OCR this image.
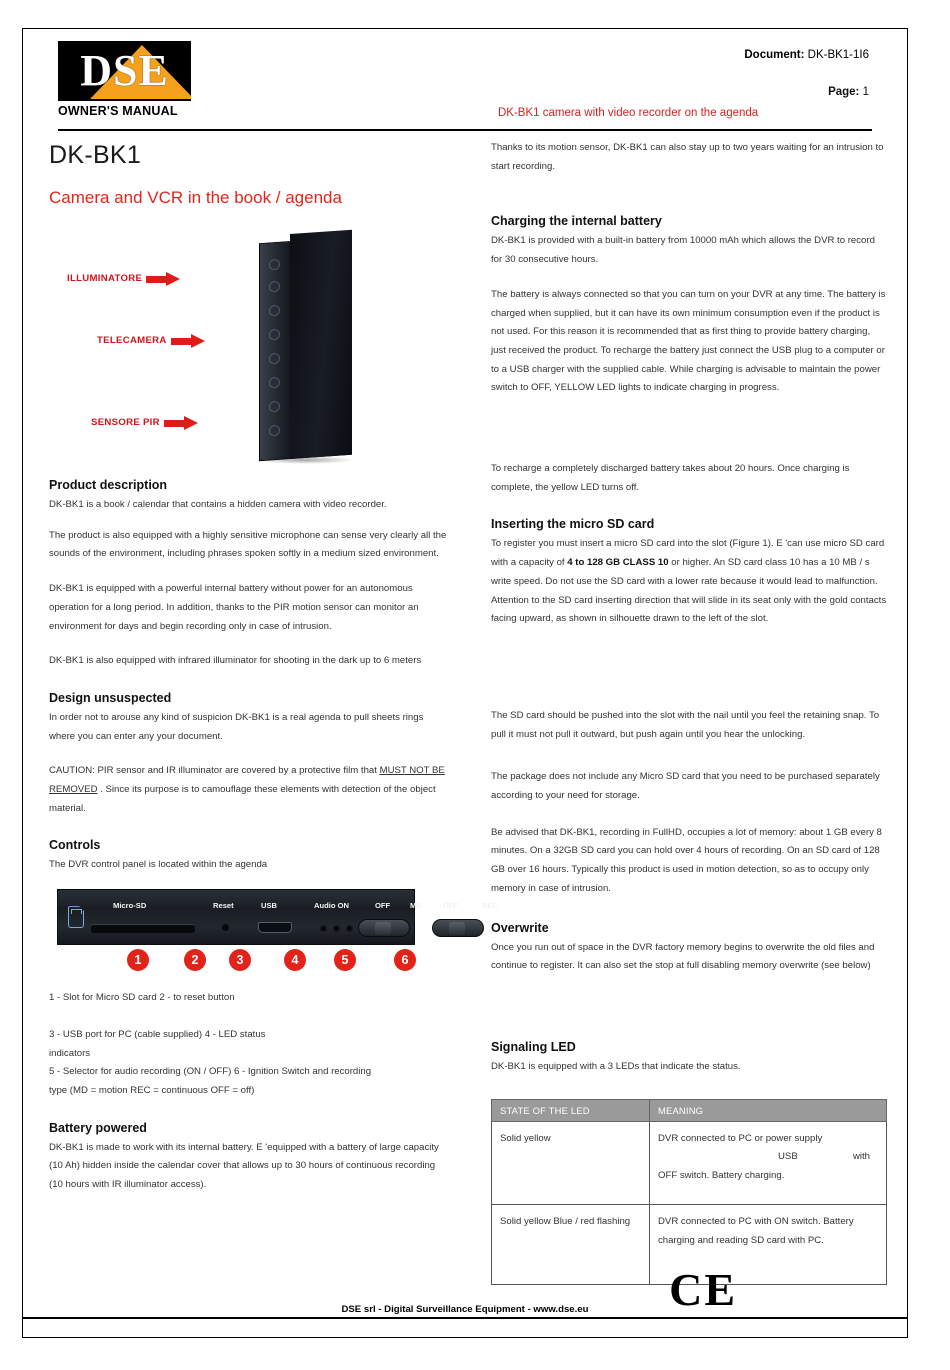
DSE
OWNER'S MANUAL
Document: DK-BK1-1I6
Page: 1
DK-BK1 camera with video recorder on the agenda
DK-BK1
Camera and VCR in the book / agenda
ILLUMINATORE
TELECAMERA
SENSORE PIR
Product description

DK-BK1 is a book / calendar that contains a hidden camera with video recorder.

The product is also equipped with a highly sensitive microphone can sense very clearly all the sounds of the environment, including phrases spoken softly in a medium sized environment.

DK-BK1 is equipped with a powerful internal battery without power for an autonomous operation for a long period. In addition, thanks to the PIR motion sensor can monitor an environment for days and begin recording only in case of intrusion.

DK-BK1 is also equipped with infrared illuminator for shooting in the dark up to 6 meters

Design unsuspected

In order not to arouse any kind of suspicion DK-BK1 is a real agenda to pull sheets rings where you can enter any your document.

CAUTION: PIR sensor and IR illuminator are covered by a protective film that MUST NOT BE REMOVED . Since its purpose is to camouflage these elements with detection of the object material.

Controls

The DVR control panel is located within the agenda

Micro-SD	Reset	USB	Audio ON	OFF	MD	OFF	REC
1	2	3	4	5	6

1 - Slot for Micro SD card 2 - to reset button

3 - USB port for PC (cable supplied) 4 - LED status

indicators

5 - Selector for audio recording (ON / OFF) 6 - Ignition Switch and recording

type (MD = motion REC = continuous OFF = off)

Battery powered

DK-BK1 is made to work with its internal battery. E 'equipped with a battery of large capacity (10 Ah) hidden inside the calendar cover that allows up to 30 hours of continuous recording (10 hours with IR illuminator access).

Thanks to its motion sensor, DK-BK1 can also stay up to two years waiting for an intrusion to start recording.

Charging the internal battery

DK-BK1 is provided with a built-in battery from 10000 mAh which allows the DVR to record for 30 consecutive hours.

The battery is always connected so that you can turn on your DVR at any time. The battery is charged when supplied, but it can have its own minimum consumption even if the product is not used. For this reason it is recommended that as first thing to provide battery charging, just received the product. To recharge the battery just connect the USB plug to a computer or to a USB charger with the supplied cable. While charging is advisable to maintain the power switch to OFF, YELLOW LED lights to indicate charging in progress.

To recharge a completely discharged battery takes about 20 hours. Once charging is complete, the yellow LED turns off.

Inserting the micro SD card

To register you must insert a micro SD card into the slot (Figure 1). E 'can use micro SD card with a capacity of 4 to 128 GB CLASS 10 or higher. An SD card class 10 has a 10 MB / s write speed. Do not use the SD card with a lower rate because it would lead to malfunction. Attention to the SD card inserting direction that will slide in its seat only with the gold contacts facing upward, as shown in silhouette drawn to the left of the slot.

The SD card should be pushed into the slot with the nail until you feel the retaining snap. To pull it must not pull it outward, but push again until you hear the unlocking.

The package does not include any Micro SD card that you need to be purchased separately according to your need for storage.

Be advised that DK-BK1, recording in FullHD, occupies a lot of memory: about 1 GB every 8 minutes. On a 32GB SD card you can hold over 4 hours of recording. On an SD card of 128 GB over 16 hours. Typically this product is used in motion detection, so as to occupy only memory in case of intrusion.

Overwrite

Once you run out of space in the DVR factory memory begins to overwrite the old files and continue to register. It can also set the stop at full disabling memory overwrite (see below)

Signaling LED

DK-BK1 is equipped with a 3 LEDs that indicate the status.

STATE OF THE LED	MEANING
Solid yellow	DVR connected to PC or power supply
USB with
OFF switch. Battery charging.

Solid yellow Blue / red flashing	DVR connected to PC with ON switch. Battery charging and reading SD card with PC.
CE
DSE srl - Digital Surveillance Equipment - www.dse.eu
